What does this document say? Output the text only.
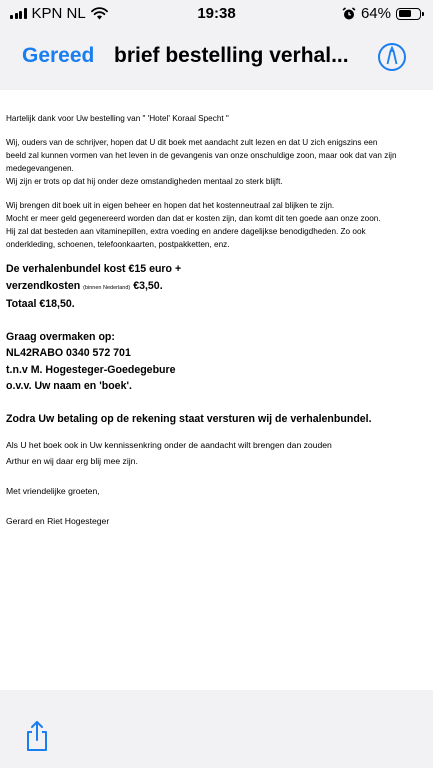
KPN NL	19:38	64%
Gereed brief bestelling verhal...

Hartelijk dank voor Uw bestelling van " 'Hotel' Koraal Specht "

Wij, ouders van de schrijver, hopen dat U dit boek met aandacht zult lezen en dat U zich enigszins een

beeld zal kunnen vormen van het leven in de gevangenis van onze onschuldige zoon, maar ook dat van zijn

medegevangenen.

Wij zijn er trots op dat hij onder deze omstandigheden mentaal zo sterk blijft.

Wij brengen dit boek uit in eigen beheer en hopen dat het kostenneutraal zal blijken te zijn.

Mocht er meer geld gegenereerd worden dan dat er kosten zijn, dan komt dit ten goede aan onze zoon.

Hij zal dat besteden aan vitaminepillen, extra voeding en andere dagelijkse benodigdheden. Zo ook

onderkleding, schoenen, telefoonkaarten, postpakketten, enz.

De verhalenbundel kost €15 euro +

verzendkosten (binnen Nederland) €3,50.

Totaal €18,50.

Graag overmaken op:

NL42RABO 0340 572 701

t.n.v M. Hogesteger-Goedegebure

o.v.v. Uw naam en 'boek'.

Zodra Uw betaling op de rekening staat versturen wij de verhalenbundel.

Als U het boek ook in Uw kennissenkring onder de aandacht wilt brengen dan zouden

Arthur en wij daar erg blij mee zijn.

Met vriendelijke groeten,

Gerard en Riet Hogesteger
